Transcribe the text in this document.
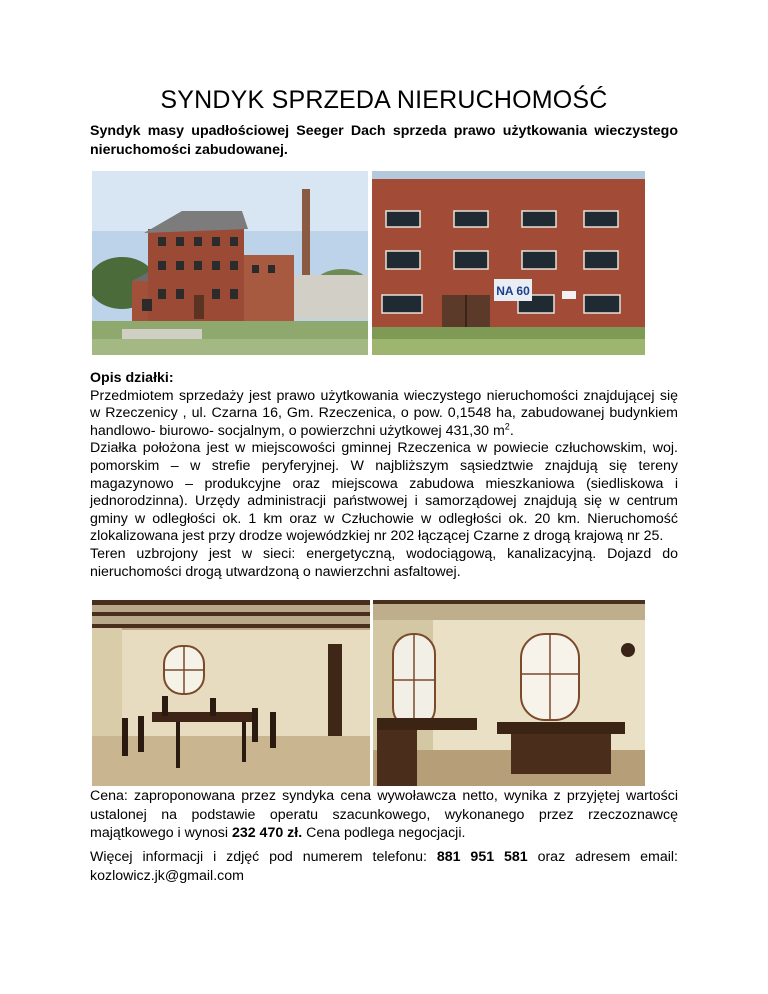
SYNDYK SPRZEDA NIERUCHOMOŚĆ
Syndyk masy upadłościowej Seeger Dach sprzeda prawo użytkowania wieczystego nieruchomości zabudowanej.
NA 60

Opis działki:

Przedmiotem sprzedaży jest prawo użytkowania wieczystego nieruchomości znajdującej się w Rzeczenicy , ul. Czarna 16, Gm. Rzeczenica, o pow. 0,1548 ha, zabudowanej budynkiem handlowo- biurowo- socjalnym, o powierzchni użytkowej 431,30 $m^2$.

Działka położona jest w miejscowości gminnej Rzeczenica w powiecie człuchowskim, woj. pomorskim – w strefie peryferyjnej. W najbliższym sąsiedztwie znajdują się tereny magazynowo – produkcyjne oraz miejscowa zabudowa mieszkaniowa (siedliskowa i jednorodzinna). Urzędy administracji państwowej i samorządowej znajdują się w centrum gminy w odległości ok. 1 km oraz w Człuchowie w odległości ok. 20 km. Nieruchomość zlokalizowana jest przy drodze wojewódzkiej nr 202 łączącej Czarne z drogą krajową nr 25.

Teren uzbrojony jest w sieci: energetyczną, wodociągową, kanalizacyjną. Dojazd do nieruchomości drogą utwardzoną o nawierzchni asfaltowej.

Cena: zaproponowana przez syndyka cena wywoławcza netto, wynika z przyjętej wartości ustalonej na podstawie operatu szacunkowego, wykonanego przez rzeczoznawcę majątkowego i wynosi 232 470 zł. Cena podlega negocjacji.
Więcej informacji i zdjęć pod numerem telefonu: 881 951 581 oraz adresem email: kozlowicz.jk@gmail.com
